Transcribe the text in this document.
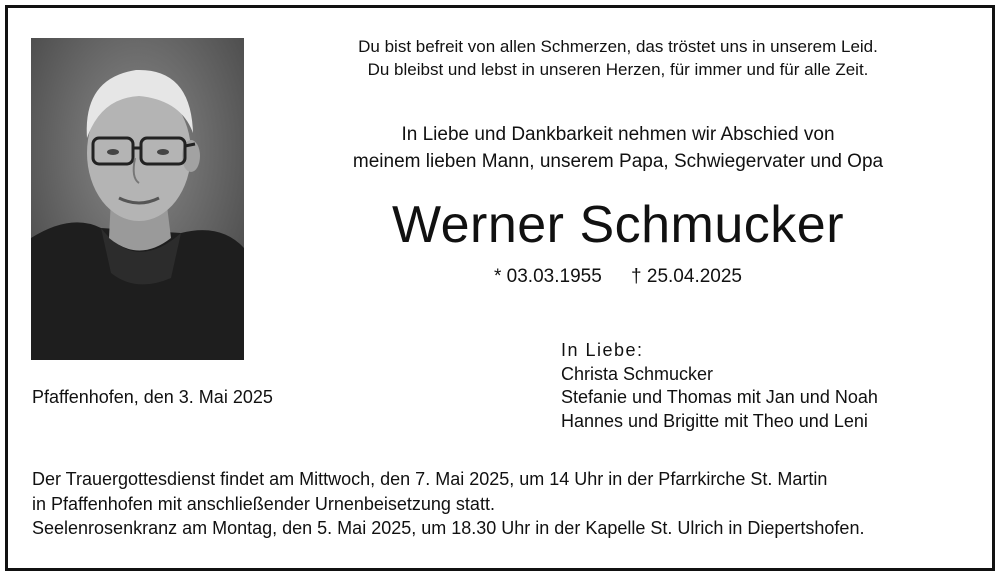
Du bist befreit von allen Schmerzen, das tröstet uns in unserem Leid.
Du bleibst und lebst in unseren Herzen, für immer und für alle Zeit.
In Liebe und Dankbarkeit nehmen wir Abschied von
meinem lieben Mann, unserem Papa, Schwiegervater und Opa
Werner Schmucker
* 03.03.1955 † 25.04.2025
Pfaffenhofen, den 3. Mai 2025
In Liebe:
Christa Schmucker
Stefanie und Thomas mit Jan und Noah
Hannes und Brigitte mit Theo und Leni
Der Trauergottesdienst findet am Mittwoch, den 7. Mai 2025, um 14 Uhr in der Pfarrkirche St. Martin
in Pfaffenhofen mit anschließender Urnenbeisetzung statt.
Seelenrosenkranz am Montag, den 5. Mai 2025, um 18.30 Uhr in der Kapelle St. Ulrich in Diepertshofen.
